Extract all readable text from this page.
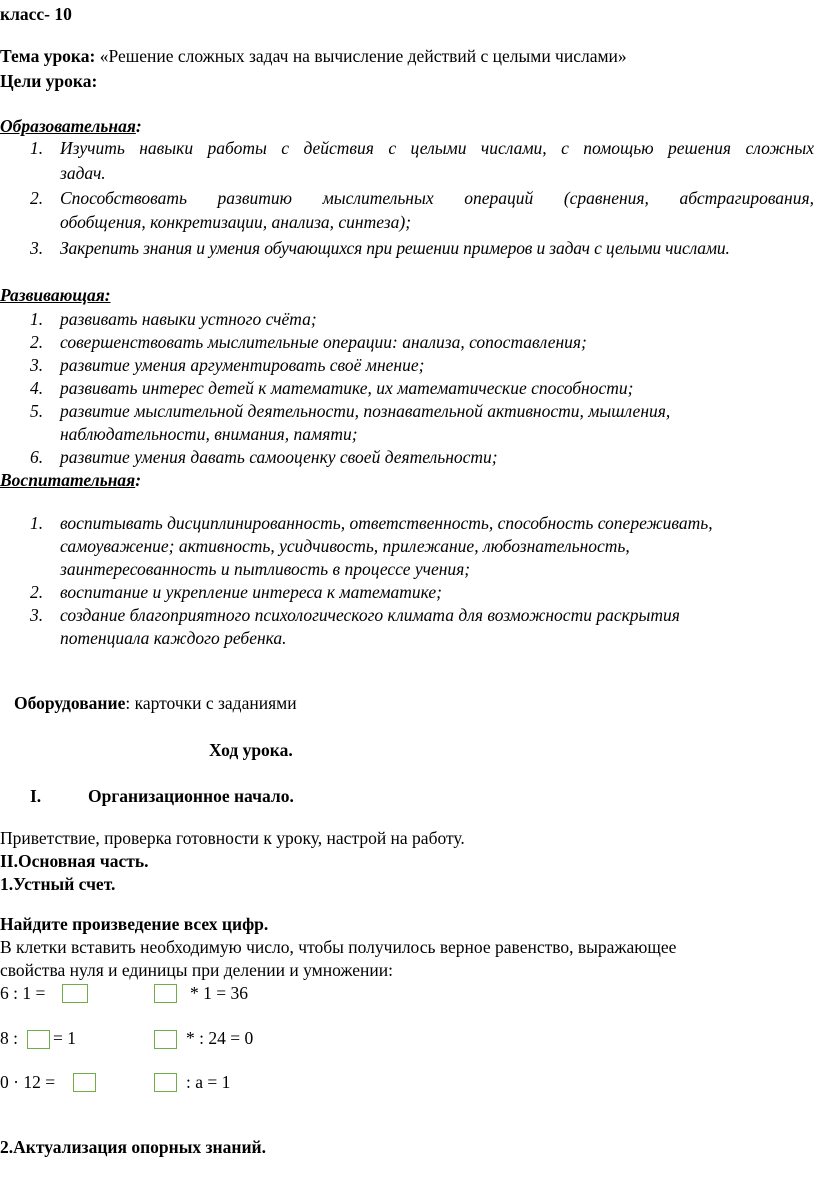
класс- 10
Тема урока: «Решение сложных задач на вычисление действий с целыми числами»
Цели урока:
Образовательная:
1. Изучить навыки работы с действия с целыми числами, с помощью решения сложных
задач.
2. Способствовать развитию мыслительных операций (сравнения, абстрагирования,
обобщения, конкретизации, анализа, синтеза);
3. Закрепить знания и умения обучающихся при решении примеров и задач с целыми числами.
Развивающая:
1. развивать навыки устного счёта;
2. совершенствовать мыслительные операции: анализа, сопоставления;
3. развитие умения аргументировать своё мнение;
4. развивать интерес детей к математике, их математические способности;
5. развитие мыслительной деятельности, познавательной активности, мышления,
наблюдательности, внимания, памяти;
6. развитие умения давать самооценку своей деятельности;
Воспитательная:
1. воспитывать дисциплинированность, ответственность, способность сопереживать,
самоуважение; активность, усидчивость, прилежание, любознательность,
заинтересованность и пытливость в процессе учения;
2. воспитание и укрепление интереса к математике;
3. создание благоприятного психологического климата для возможности раскрытия
потенциала каждого ребенка.
Оборудование: карточки с заданиями
Ход урока.
I.	Организационное начало.
Приветствие, проверка готовности к уроку, настрой на работу.
II.Основная часть.
1.Устный счет.
Найдите произведение всех цифр.
В клетки вставить необходимую число, чтобы получилось верное равенство, выражающее
свойства нуля и единицы при делении и умножении:
6 : 1 =	* 1 = 36
8 : = 1	* : 24 = 0
0 · 12 =	: a = 1
2.Актуализация опорных знаний.
